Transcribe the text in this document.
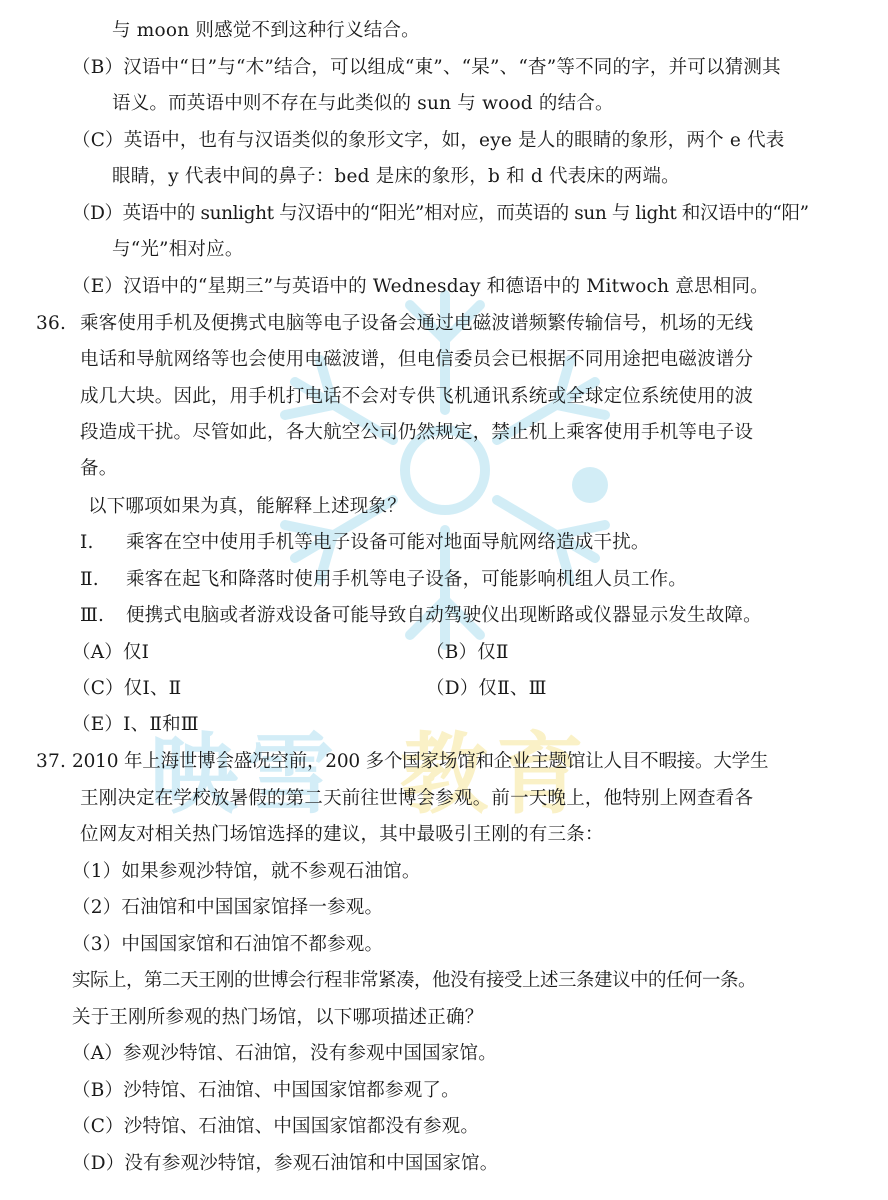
映雪 教育
与 moon 则感觉不到这种行义结合。
（B）汉语中“日”与“木”结合，可以组成“東”、“杲”、“杳”等不同的字，并可以猜测其
语义。而英语中则不存在与此类似的 sun 与 wood 的结合。
（C）英语中，也有与汉语类似的象形文字，如，eye 是人的眼睛的象形，两个 e 代表
眼睛，y 代表中间的鼻子：bed 是床的象形，b 和 d 代表床的两端。
（D）英语中的 sunlight 与汉语中的“阳光”相对应，而英语的 sun 与 light 和汉语中的“阳”
与“光”相对应。
（E）汉语中的“星期三”与英语中的 Wednesday 和德语中的 Mitwoch 意思相同。
36. 乘客使用手机及便携式电脑等电子设备会通过电磁波谱频繁传输信号，机场的无线
电话和导航网络等也会使用电磁波谱，但电信委员会已根据不同用途把电磁波谱分
成几大块。因此，用手机打电话不会对专供飞机通讯系统或全球定位系统使用的波
段造成干扰。尽管如此，各大航空公司仍然规定，禁止机上乘客使用手机等电子设
备。
以下哪项如果为真，能解释上述现象？
Ⅰ. 乘客在空中使用手机等电子设备可能对地面导航网络造成干扰。
Ⅱ. 乘客在起飞和降落时使用手机等电子设备，可能影响机组人员工作。
Ⅲ. 便携式电脑或者游戏设备可能导致自动驾驶仪出现断路或仪器显示发生故障。
（A）仅Ⅰ	（B）仅Ⅱ
（C）仅Ⅰ、Ⅱ	（D）仅Ⅱ、Ⅲ
（E）Ⅰ、Ⅱ和Ⅲ
37. 2010 年上海世博会盛况空前，200 多个国家场馆和企业主题馆让人目不暇接。大学生
王刚决定在学校放暑假的第二天前往世博会参观。前一天晚上，他特别上网查看各
位网友对相关热门场馆选择的建议，其中最吸引王刚的有三条：
（1）如果参观沙特馆，就不参观石油馆。
（2）石油馆和中国国家馆择一参观。
（3）中国国家馆和石油馆不都参观。
实际上，第二天王刚的世博会行程非常紧凑，他没有接受上述三条建议中的任何一条。
关于王刚所参观的热门场馆，以下哪项描述正确？
（A）参观沙特馆、石油馆，没有参观中国国家馆。
（B）沙特馆、石油馆、中国国家馆都参观了。
（C）沙特馆、石油馆、中国国家馆都没有参观。
（D）没有参观沙特馆，参观石油馆和中国国家馆。
